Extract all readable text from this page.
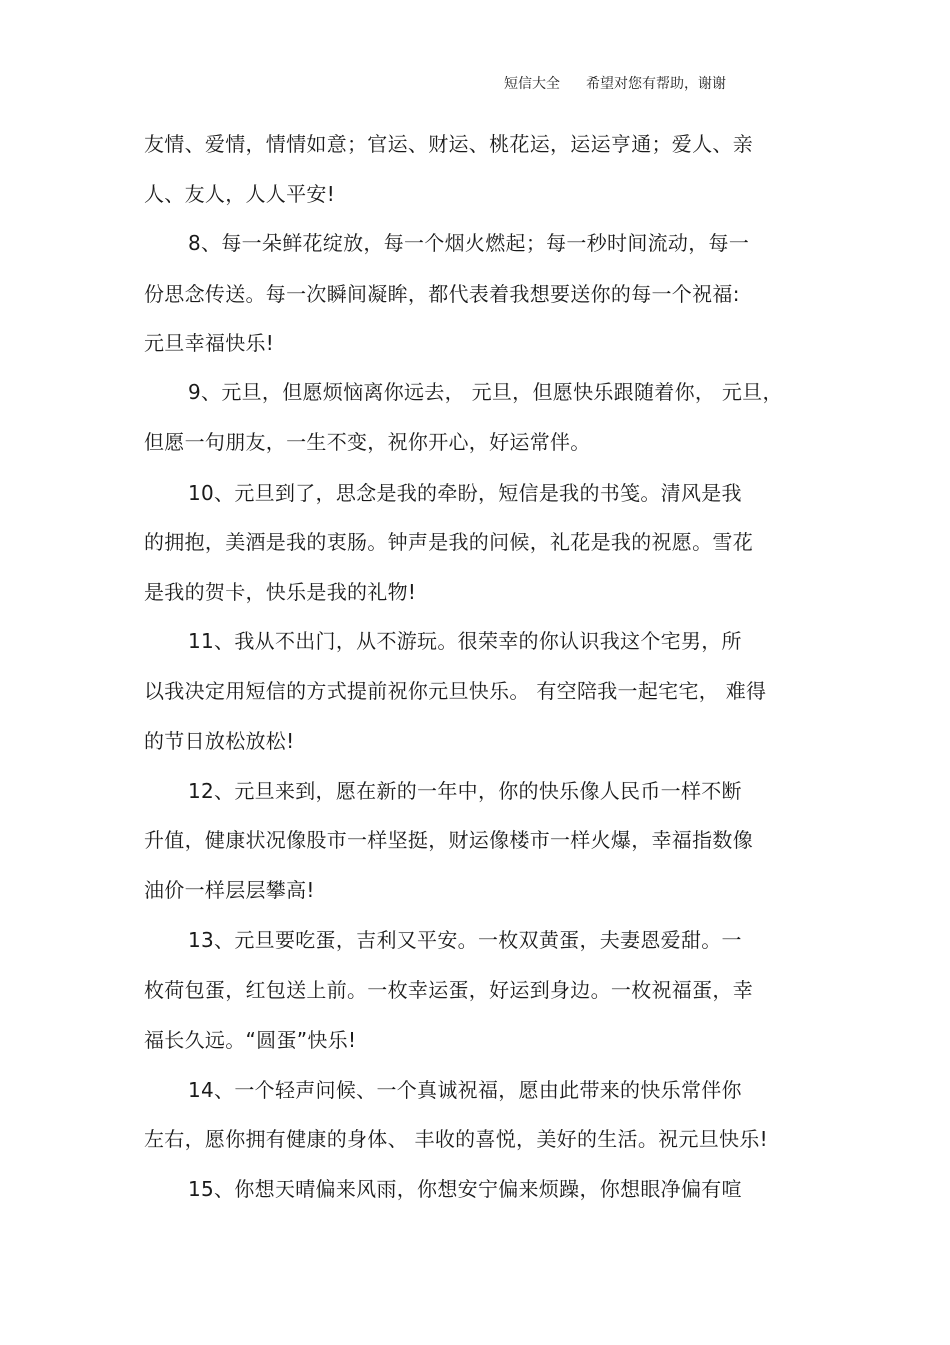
短信大全 希望对您有帮助，谢谢
友情、爱情，情情如意；官运、财运、桃花运，运运亨通；爱人、亲
人、友人，人人平安!
8、每一朵鲜花绽放，每一个烟火燃起；每一秒时间流动，每一
份思念传送。每一次瞬间凝眸，都代表着我想要送你的每一个祝福:
元旦幸福快乐!
9、元旦，但愿烦恼离你远去， 元旦，但愿快乐跟随着你， 元旦，
但愿一句朋友，一生不变，祝你开心，好运常伴。
10、元旦到了，思念是我的牵盼，短信是我的书笺。清风是我
的拥抱，美酒是我的衷肠。钟声是我的问候，礼花是我的祝愿。雪花
是我的贺卡，快乐是我的礼物!
11、我从不出门，从不游玩。很荣幸的你认识我这个宅男，所
以我决定用短信的方式提前祝你元旦快乐。 有空陪我一起宅宅， 难得
的节日放松放松!
12、元旦来到，愿在新的一年中，你的快乐像人民币一样不断
升值，健康状况像股市一样坚挺，财运像楼市一样火爆，幸福指数像
油价一样层层攀高!
13、元旦要吃蛋，吉利又平安。一枚双黄蛋，夫妻恩爱甜。一
枚荷包蛋，红包送上前。一枚幸运蛋，好运到身边。一枚祝福蛋，幸
福长久远。“圆蛋”快乐!
14、一个轻声问候、一个真诚祝福，愿由此带来的快乐常伴你
左右，愿你拥有健康的身体、 丰收的喜悦，美好的生活。祝元旦快乐!
15、你想天晴偏来风雨，你想安宁偏来烦躁，你想眼净偏有喧
